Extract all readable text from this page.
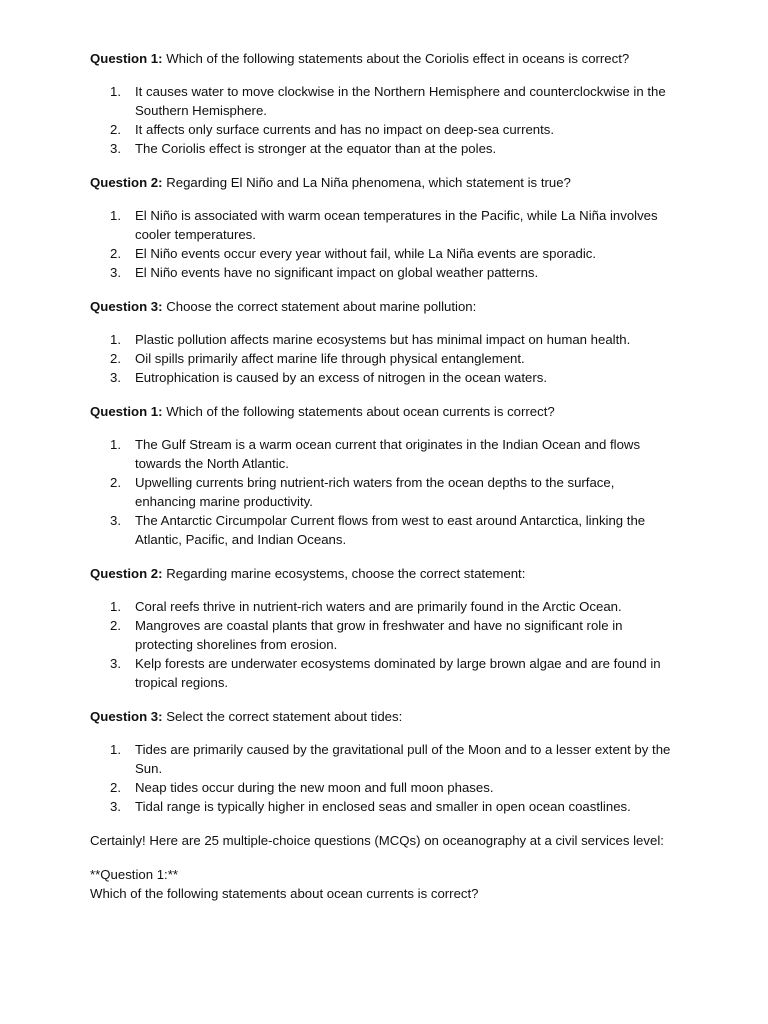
Question 1: Which of the following statements about the Coriolis effect in oceans is correct?

1. It causes water to move clockwise in the Northern Hemisphere and counterclockwise in the Southern Hemisphere.
2. It affects only surface currents and has no impact on deep-sea currents.
3. The Coriolis effect is stronger at the equator than at the poles.

Question 2: Regarding El Niño and La Niña phenomena, which statement is true?

1. El Niño is associated with warm ocean temperatures in the Pacific, while La Niña involves cooler temperatures.
2. El Niño events occur every year without fail, while La Niña events are sporadic.
3. El Niño events have no significant impact on global weather patterns.

Question 3: Choose the correct statement about marine pollution:

1. Plastic pollution affects marine ecosystems but has minimal impact on human health.
2. Oil spills primarily affect marine life through physical entanglement.
3. Eutrophication is caused by an excess of nitrogen in the ocean waters.

Question 1: Which of the following statements about ocean currents is correct?

1. The Gulf Stream is a warm ocean current that originates in the Indian Ocean and flows towards the North Atlantic.
2. Upwelling currents bring nutrient-rich waters from the ocean depths to the surface, enhancing marine productivity.
3. The Antarctic Circumpolar Current flows from west to east around Antarctica, linking the Atlantic, Pacific, and Indian Oceans.

Question 2: Regarding marine ecosystems, choose the correct statement:

1. Coral reefs thrive in nutrient-rich waters and are primarily found in the Arctic Ocean.
2. Mangroves are coastal plants that grow in freshwater and have no significant role in protecting shorelines from erosion.
3. Kelp forests are underwater ecosystems dominated by large brown algae and are found in tropical regions.

Question 3: Select the correct statement about tides:

1. Tides are primarily caused by the gravitational pull of the Moon and to a lesser extent by the Sun.
2. Neap tides occur during the new moon and full moon phases.
3. Tidal range is typically higher in enclosed seas and smaller in open ocean coastlines.

Certainly! Here are 25 multiple-choice questions (MCQs) on oceanography at a civil services level:

**Question 1:**

Which of the following statements about ocean currents is correct?
